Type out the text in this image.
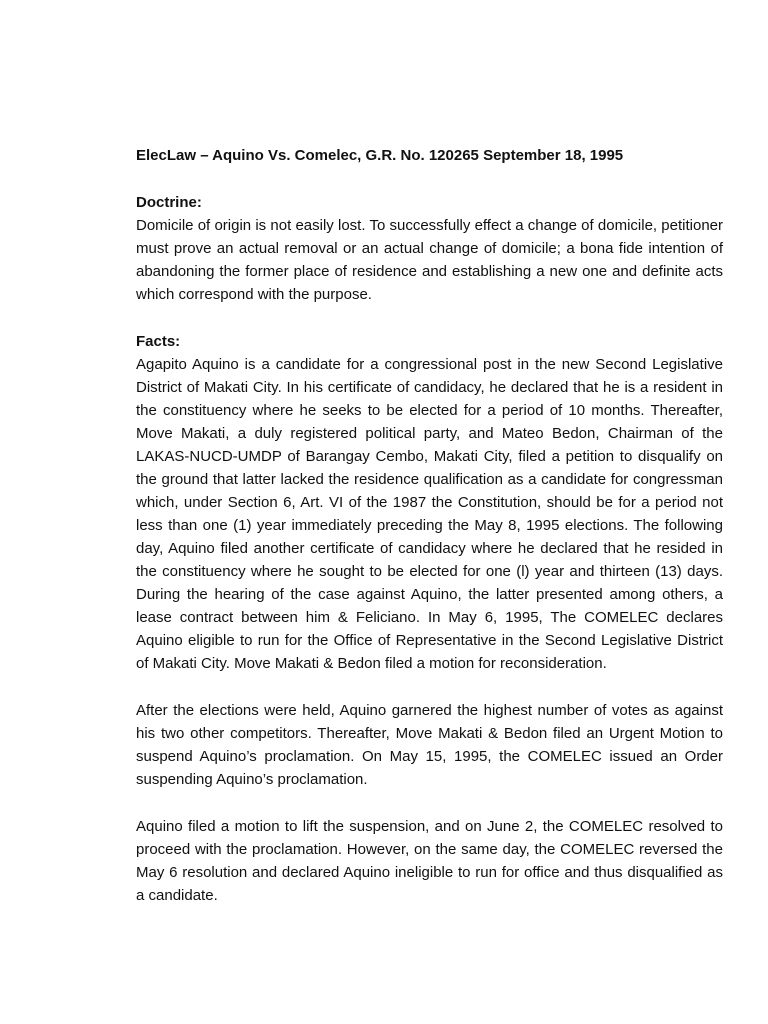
ElecLaw – Aquino Vs. Comelec, G.R. No. 120265 September 18, 1995

Doctrine:

Domicile of origin is not easily lost. To successfully effect a change of domicile, petitioner must prove an actual removal or an actual change of domicile; a bona fide intention of abandoning the former place of residence and establishing a new one and definite acts which correspond with the purpose.

Facts:

Agapito Aquino is a candidate for a congressional post in the new Second Legislative District of Makati City. In his certificate of candidacy, he declared that he is a resident in the constituency where he seeks to be elected for a period of 10 months. Thereafter, Move Makati, a duly registered political party, and Mateo Bedon, Chairman of the LAKAS-NUCD-UMDP of Barangay Cembo, Makati City, filed a petition to disqualify on the ground that latter lacked the residence qualification as a candidate for congressman which, under Section 6, Art. VI of the 1987 the Constitution, should be for a period not less than one (1) year immediately preceding the May 8, 1995 elections. The following day, Aquino filed another certificate of candidacy where he declared that he resided in the constituency where he sought to be elected for one (l) year and thirteen (13) days. During the hearing of the case against Aquino, the latter presented among others, a lease contract between him & Feliciano. In May 6, 1995, The COMELEC declares Aquino eligible to run for the Office of Representative in the Second Legislative District of Makati City. Move Makati & Bedon filed a motion for reconsideration.

After the elections were held, Aquino garnered the highest number of votes as against his two other competitors. Thereafter, Move Makati & Bedon filed an Urgent Motion to suspend Aquino’s proclamation. On May 15, 1995, the COMELEC issued an Order suspending Aquino’s proclamation.

Aquino filed a motion to lift the suspension, and on June 2, the COMELEC resolved to proceed with the proclamation. However, on the same day, the COMELEC reversed the May 6 resolution and declared Aquino ineligible to run for office and thus disqualified as a candidate.
